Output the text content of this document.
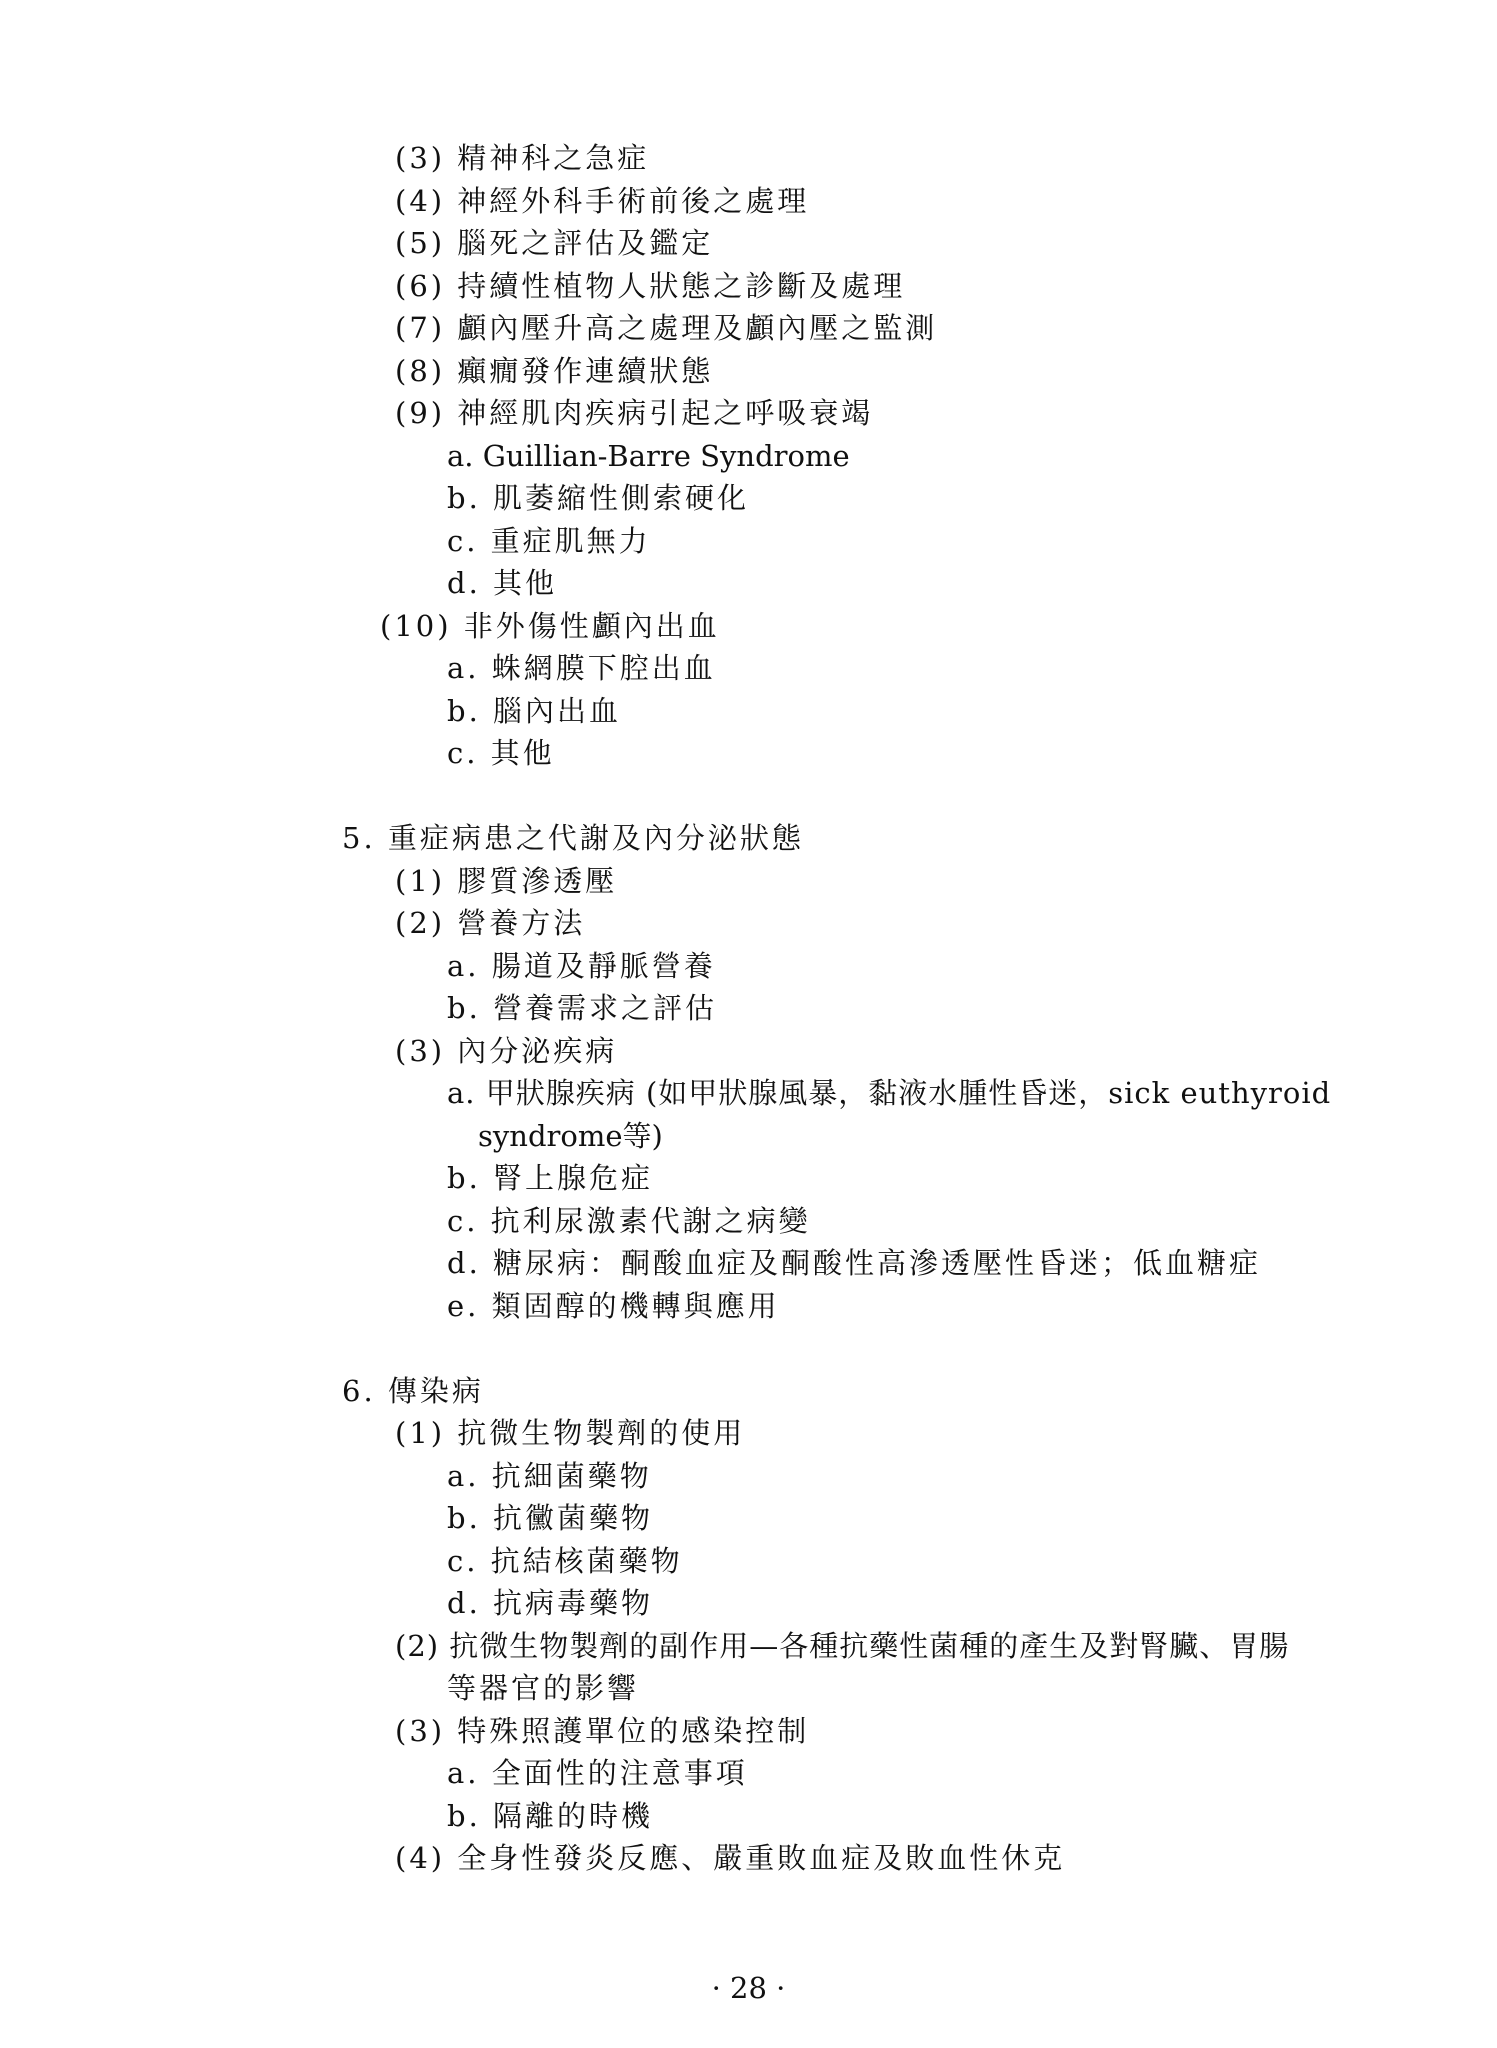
(3) 精神科之急症
(4) 神經外科手術前後之處理
(5) 腦死之評估及鑑定
(6) 持續性植物人狀態之診斷及處理
(7) 顱內壓升高之處理及顱內壓之監測
(8) 癲癇發作連續狀態
(9) 神經肌肉疾病引起之呼吸衰竭
a. Guillian-Barre Syndrome
b. 肌萎縮性側索硬化
c. 重症肌無力
d. 其他
(10) 非外傷性顱內出血
a. 蛛網膜下腔出血
b. 腦內出血
c. 其他
5. 重症病患之代謝及內分泌狀態
(1) 膠質滲透壓
(2) 營養方法
a. 腸道及靜脈營養
b. 營養需求之評估
(3) 內分泌疾病
a. 甲狀腺疾病 (如甲狀腺風暴，黏液水腫性昏迷，sick euthyroid
syndrome等)
b. 腎上腺危症
c. 抗利尿激素代謝之病變
d. 糖尿病：酮酸血症及酮酸性高滲透壓性昏迷；低血糖症
e. 類固醇的機轉與應用
6. 傳染病
(1) 抗微生物製劑的使用
a. 抗細菌藥物
b. 抗黴菌藥物
c. 抗結核菌藥物
d. 抗病毒藥物
(2) 抗微生物製劑的副作用—各種抗藥性菌種的產生及對腎臟、胃腸
等器官的影響
(3) 特殊照護單位的感染控制
a. 全面性的注意事項
b. 隔離的時機
(4) 全身性發炎反應、嚴重敗血症及敗血性休克
· 28 ·
